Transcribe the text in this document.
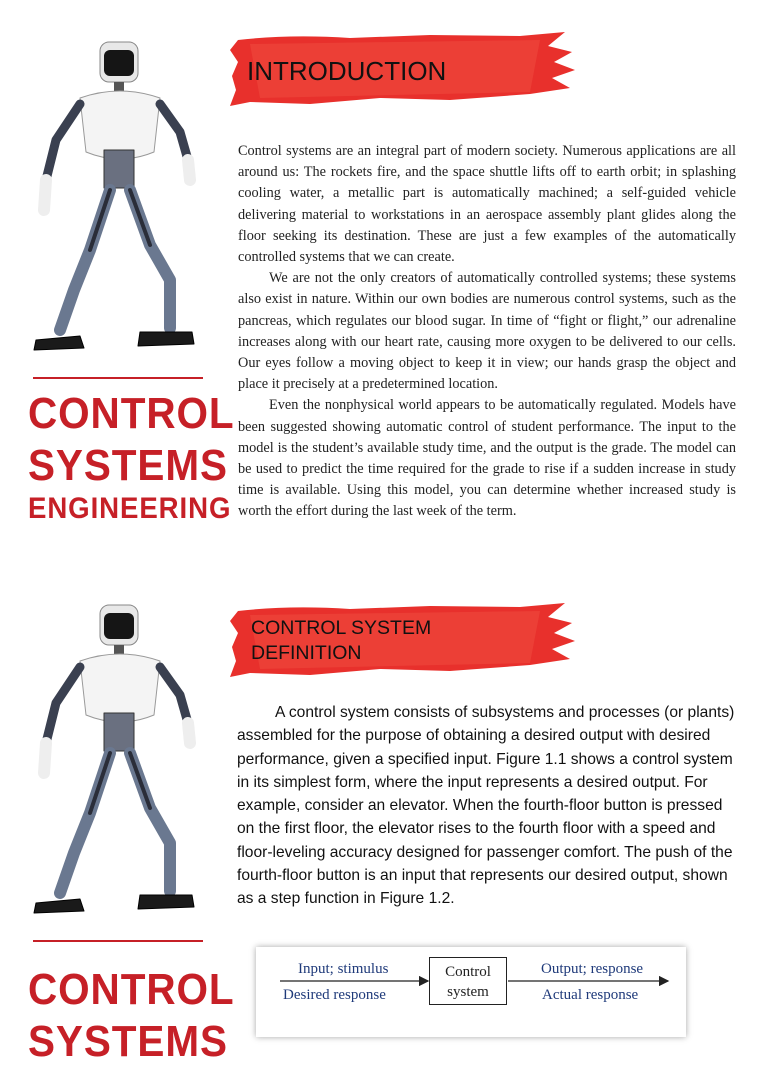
CONTROL
SYSTEMS
ENGINEERING
INTRODUCTION

Control systems are an integral part of modern society. Numerous applications are all around us: The rockets fire, and the space shuttle lifts off to earth orbit; in splashing cooling water, a metallic part is automatically machined; a self-guided vehicle delivering material to workstations in an aerospace assembly plant glides along the floor seeking its destination. These are just a few examples of the automatically controlled systems that we can create.

We are not the only creators of automatically controlled systems; these systems also exist in nature. Within our own bodies are numerous control systems, such as the pancreas, which regulates our blood sugar. In time of “fight or flight,” our adrenaline increases along with our heart rate, causing more oxygen to be delivered to our cells. Our eyes follow a moving object to keep it in view; our hands grasp the object and place it precisely at a predetermined location.

Even the nonphysical world appears to be automatically regulated. Models have been suggested showing automatic control of student performance. The input to the model is the student’s available study time, and the output is the grade. The model can be used to predict the time required for the grade to rise if a sudden increase in study time is available. Using this model, you can determine whether increased study is worth the effort during the last week of the term.

CONTROL
SYSTEMS
CONTROL SYSTEM
DEFINITION
A control system consists of subsystems and processes (or plants) assembled for the purpose of obtaining a desired output with desired performance, given a specified input. Figure 1.1 shows a control system in its simplest form, where the input represents a desired output. For example, consider an elevator. When the fourth-floor button is pressed on the first floor, the elevator rises to the fourth floor with a speed and floor-leveling accuracy designed for passenger comfort. The push of the fourth-floor button is an input that represents our desired output, shown as a step function in Figure 1.2.
Input; stimulus
Desired response
Control
system
Output; response
Actual response
